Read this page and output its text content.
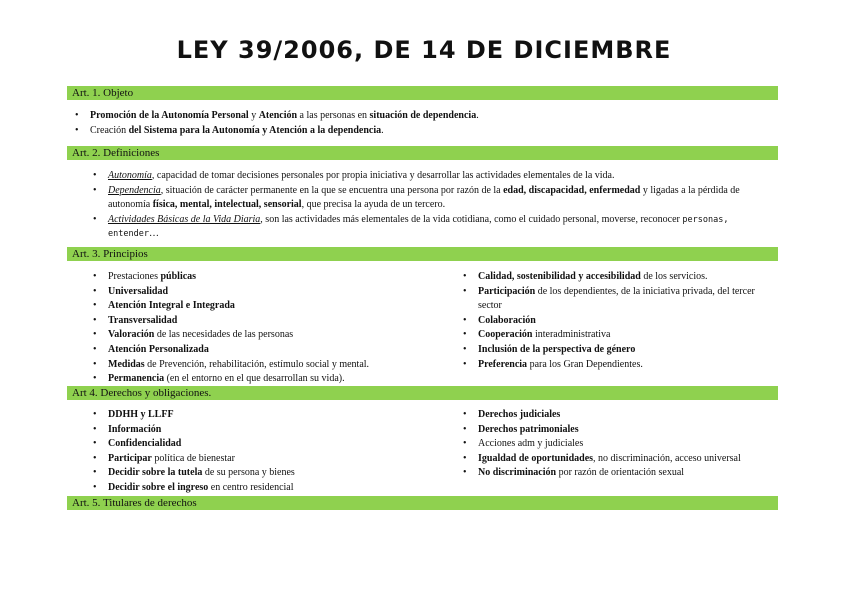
LEY 39/2006, DE 14 DE DICIEMBRE
Art. 1. Objeto
• Promoción de la Autonomía Personal y Atención a las personas en situación de dependencia.
• Creación del Sistema para la Autonomía y Atención a la dependencia.
Art. 2. Definiciones
• Autonomía, capacidad de tomar decisiones personales por propia iniciativa y desarrollar las actividades elementales de la vida.
• Dependencia, situación de carácter permanente en la que se encuentra una persona por razón de la edad, discapacidad, enfermedad y ligadas a la pérdida de autonomía física, mental, intelectual, sensorial, que precisa la ayuda de un tercero.
• Actividades Básicas de la Vida Diaria, son las actividades más elementales de la vida cotidiana, como el cuidado personal, moverse, reconocer personas, entender…
Art. 3. Principios
• Prestaciones públicas
• Universalidad
• Atención Integral e Integrada
• Transversalidad
• Valoración de las necesidades de las personas
• Atención Personalizada
• Medidas de Prevención, rehabilitación, estímulo social y mental.
• Permanencia (en el entorno en el que desarrollan su vida).
• Calidad, sostenibilidad y accesibilidad de los servicios.
• Participación de los dependientes, de la iniciativa privada, del tercer sector
• Colaboración
• Cooperación interadministrativa
• Inclusión de la perspectiva de género
• Preferencia para los Gran Dependientes.
Art 4. Derechos y obligaciones.
• DDHH y LLFF
• Información
• Confidencialidad
• Participar política de bienestar
• Decidir sobre la tutela de su persona y bienes
• Decidir sobre el ingreso en centro residencial
• Derechos judiciales
• Derechos patrimoniales
• Acciones adm y judiciales
• Igualdad de oportunidades, no discriminación, acceso universal
• No discriminación por razón de orientación sexual
Art. 5. Titulares de derechos
